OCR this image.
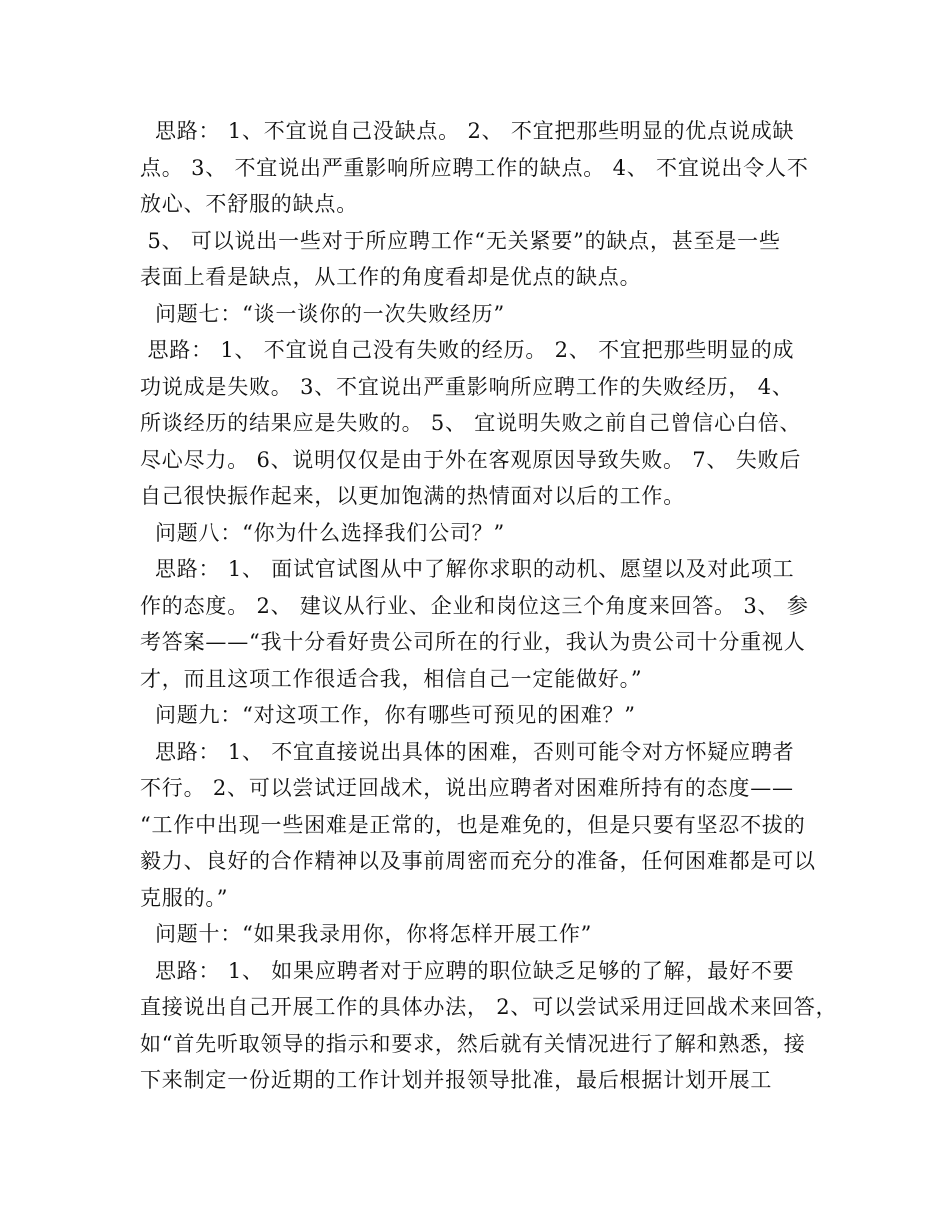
思路： 1、不宜说自己没缺点。 2、 不宜把那些明显的优点说成缺
点。 3、 不宜说出严重影响所应聘工作的缺点。 4、 不宜说出令人不
放心、不舒服的缺点。
5、 可以说出一些对于所应聘工作“无关紧要”的缺点，甚至是一些
表面上看是缺点，从工作的角度看却是优点的缺点。
问题七：“谈一谈你的一次失败经历”
思路： 1、 不宜说自己没有失败的经历。 2、 不宜把那些明显的成
功说成是失败。 3、不宜说出严重影响所应聘工作的失败经历， 4、
所谈经历的结果应是失败的。 5、 宜说明失败之前自己曾信心白倍、
尽心尽力。 6、说明仅仅是由于外在客观原因导致失败。 7、 失败后
自己很快振作起来，以更加饱满的热情面对以后的工作。
问题八：“你为什么选择我们公司？”
思路： 1、 面试官试图从中了解你求职的动机、愿望以及对此项工
作的态度。 2、 建议从行业、企业和岗位这三个角度来回答。 3、 参
考答案——“我十分看好贵公司所在的行业，我认为贵公司十分重视人
才，而且这项工作很适合我，相信自己一定能做好。”
问题九：“对这项工作，你有哪些可预见的困难？”
思路： 1、 不宜直接说出具体的困难，否则可能令对方怀疑应聘者
不行。 2、可以尝试迂回战术，说出应聘者对困难所持有的态度——
“工作中出现一些困难是正常的，也是难免的，但是只要有坚忍不拔的
毅力、良好的合作精神以及事前周密而充分的准备，任何困难都是可以
克服的。”
问题十：“如果我录用你，你将怎样开展工作”
思路： 1、 如果应聘者对于应聘的职位缺乏足够的了解，最好不要
直接说出自己开展工作的具体办法， 2、可以尝试采用迂回战术来回答，
如“首先听取领导的指示和要求，然后就有关情况进行了解和熟悉，接
下来制定一份近期的工作计划并报领导批准，最后根据计划开展工
